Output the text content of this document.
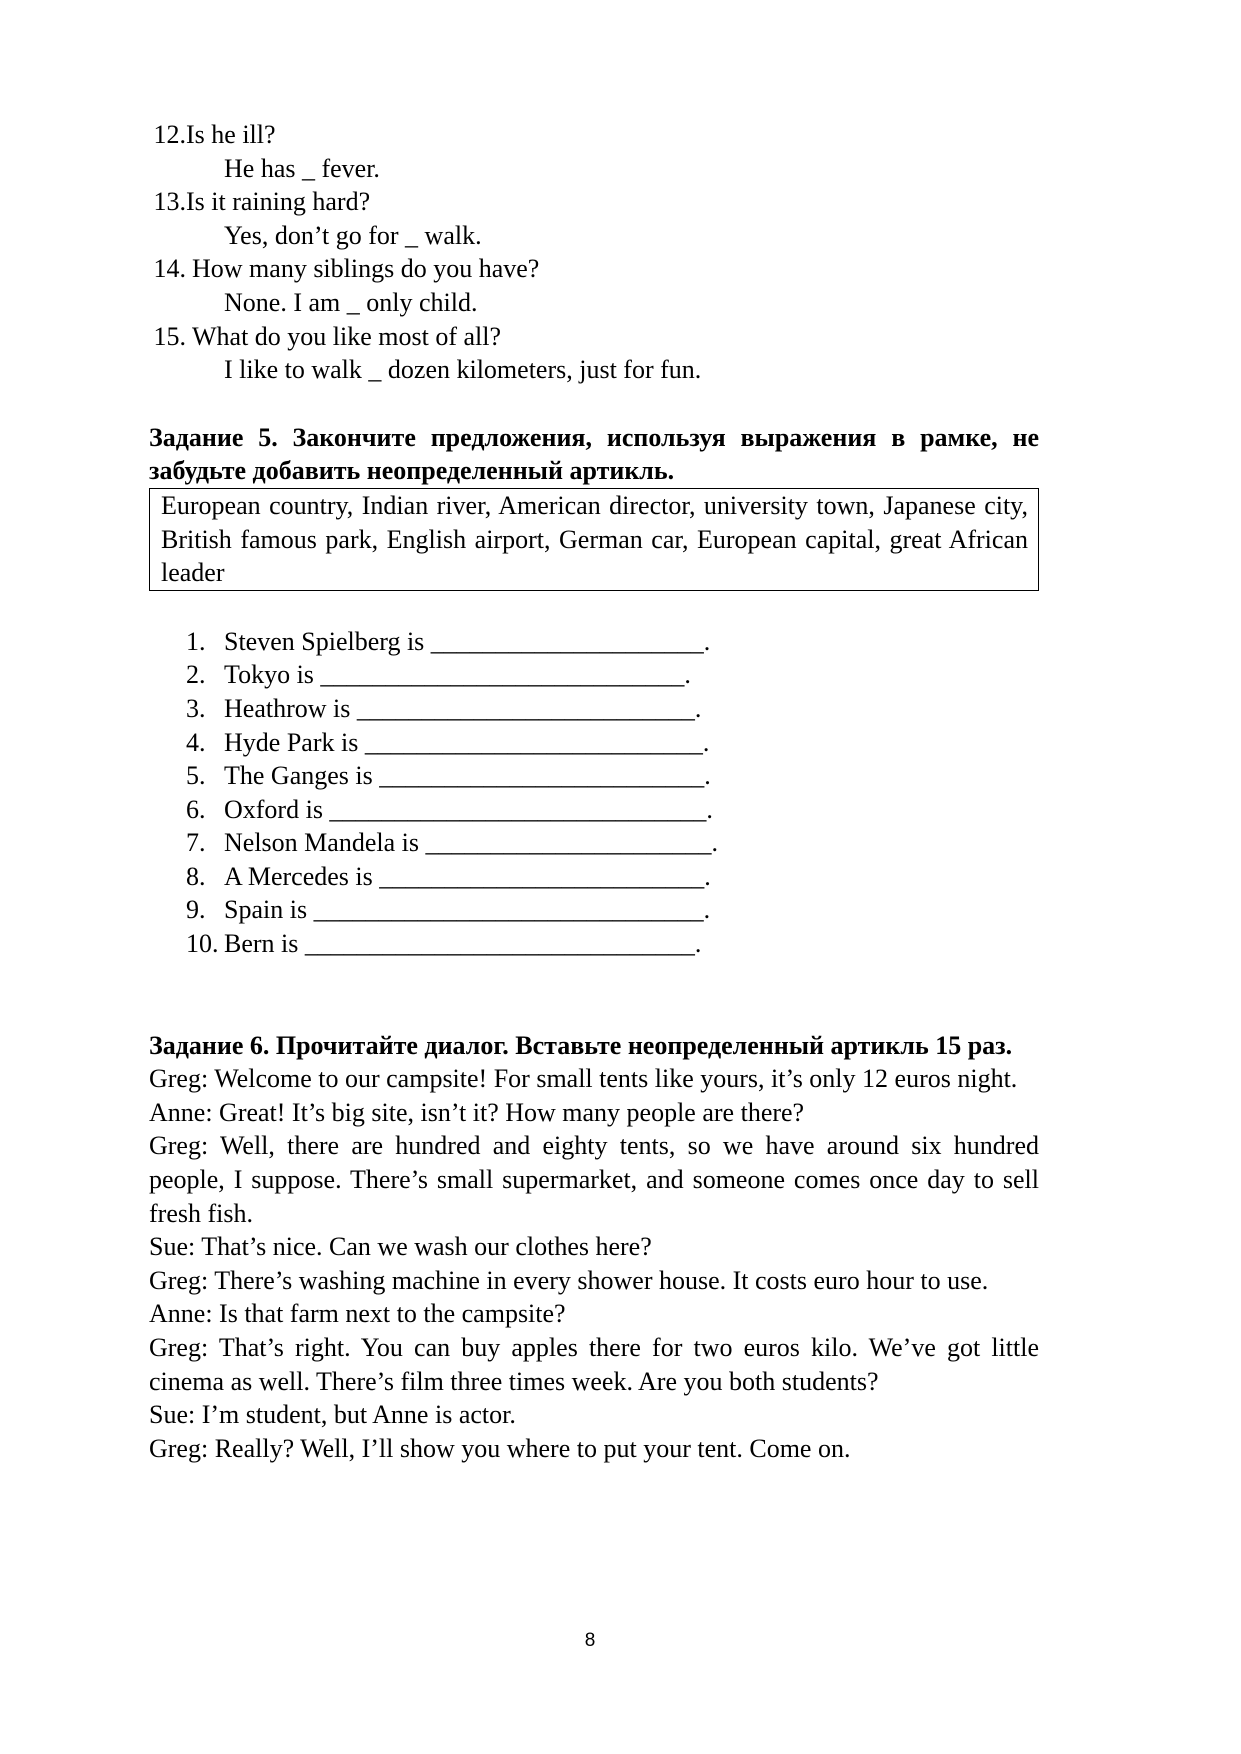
12. Is he ill?
He has _ fever.
13. Is it raining hard?
Yes, don’t go for _ walk.
14. How many siblings do you have?
None. I am _ only child.
15. What do you like most of all?
I like to walk _ dozen kilometers, just for fun.

Задание 5. Закончите предложения, используя выражения в рамке, не забудьте добавить неопределенный артикль.

European country, Indian river, American director, university town, Japanese city, British famous park, English airport, German car, European capital, great African leader
1. Steven Spielberg is _____________________.
2. Tokyo is ____________________________.
3. Heathrow is __________________________.
4. Hyde Park is __________________________.
5. The Ganges is _________________________.
6. Oxford is _____________________________.
7. Nelson Mandela is ______________________.
8. A Mercedes is _________________________.
9. Spain is ______________________________.
10. Bern is ______________________________.

Задание 6. Прочитайте диалог. Вставьте неопределенный артикль 15 раз.

Greg: Welcome to our campsite! For small tents like yours, it’s only 12 euros night.

Anne: Great! It’s big site, isn’t it? How many people are there?

Greg: Well, there are hundred and eighty tents, so we have around six hundred people, I suppose. There’s small supermarket, and someone comes once day to sell fresh fish.

Sue: That’s nice. Can we wash our clothes here?

Greg: There’s washing machine in every shower house. It costs euro hour to use.

Anne: Is that farm next to the campsite?

Greg: That’s right. You can buy apples there for two euros kilo. We’ve got little cinema as well. There’s film three times week. Are you both students?

Sue: I’m student, but Anne is actor.

Greg: Really? Well, I’ll show you where to put your tent. Come on.

8
